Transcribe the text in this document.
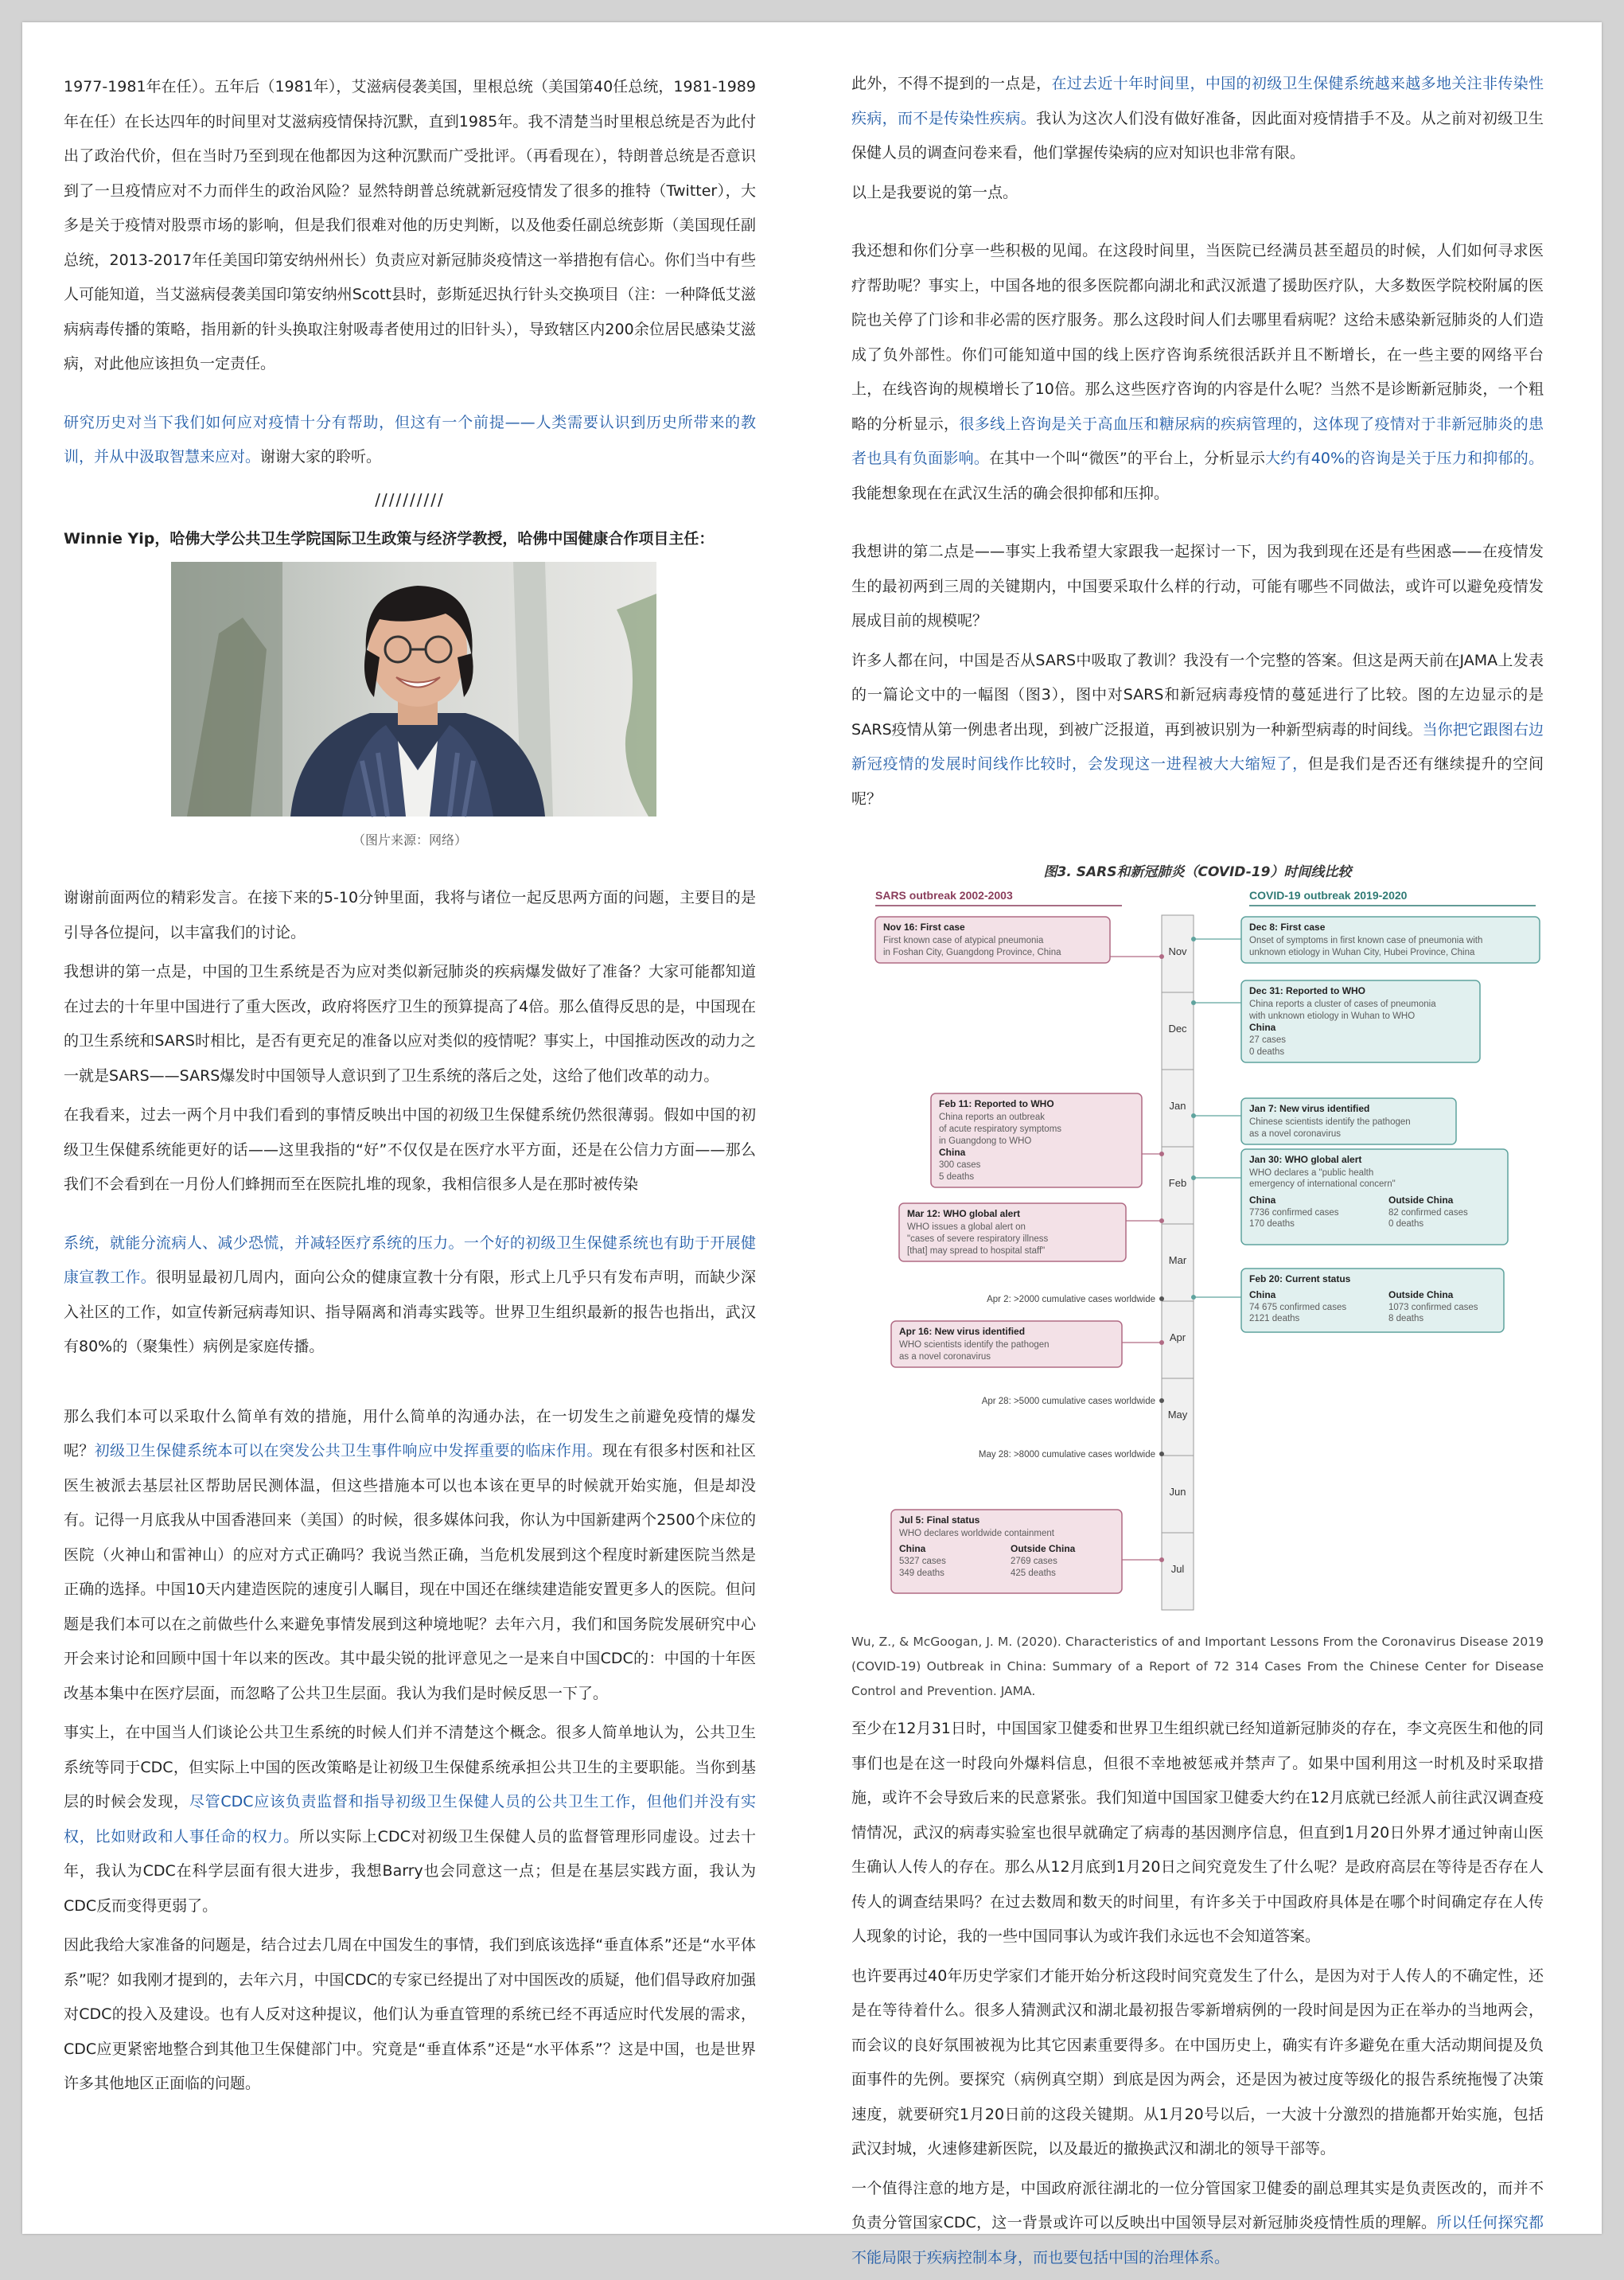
1977-1981年在任）。五年后（1981年），艾滋病侵袭美国，里根总统（美国第40任总统，1981-1989年在任）在长达四年的时间里对艾滋病疫情保持沉默，直到1985年。我不清楚当时里根总统是否为此付出了政治代价，但在当时乃至到现在他都因为这种沉默而广受批评。（再看现在），特朗普总统是否意识到了一旦疫情应对不力而伴生的政治风险？显然特朗普总统就新冠疫情发了很多的推特（Twitter），大多是关于疫情对股票市场的影响，但是我们很难对他的历史判断，以及他委任副总统彭斯（美国现任副总统，2013-2017年任美国印第安纳州州长）负责应对新冠肺炎疫情这一举措抱有信心。你们当中有些人可能知道，当艾滋病侵袭美国印第安纳州Scott县时，彭斯延迟执行针头交换项目（注：一种降低艾滋病病毒传播的策略，指用新的针头换取注射吸毒者使用过的旧针头），导致辖区内200余位居民感染艾滋病，对此他应该担负一定责任。

研究历史对当下我们如何应对疫情十分有帮助，但这有一个前提——人类需要认识到历史所带来的教训，并从中汲取智慧来应对。谢谢大家的聆听。

//////////

Winnie Yip，哈佛大学公共卫生学院国际卫生政策与经济学教授，哈佛中国健康合作项目主任：

（图片来源：网络）

谢谢前面两位的精彩发言。在接下来的5-10分钟里面，我将与诸位一起反思两方面的问题，主要目的是引导各位提问，以丰富我们的讨论。

我想讲的第一点是，中国的卫生系统是否为应对类似新冠肺炎的疾病爆发做好了准备？大家可能都知道在过去的十年里中国进行了重大医改，政府将医疗卫生的预算提高了4倍。那么值得反思的是，中国现在的卫生系统和SARS时相比，是否有更充足的准备以应对类似的疫情呢？事实上，中国推动医改的动力之一就是SARS——SARS爆发时中国领导人意识到了卫生系统的落后之处，这给了他们改革的动力。

在我看来，过去一两个月中我们看到的事情反映出中国的初级卫生保健系统仍然很薄弱。假如中国的初级卫生保健系统能更好的话——这里我指的“好”不仅仅是在医疗水平方面，还是在公信力方面——那么我们不会看到在一月份人们蜂拥而至在医院扎堆的现象，我相信很多人是在那时被传染

系统，就能分流病人、减少恐慌，并减轻医疗系统的压力。一个好的初级卫生保健系统也有助于开展健康宣教工作。很明显最初几周内，面向公众的健康宣教十分有限，形式上几乎只有发布声明，而缺少深入社区的工作，如宣传新冠病毒知识、指导隔离和消毒实践等。世界卫生组织最新的报告也指出，武汉有80%的（聚集性）病例是家庭传播。

那么我们本可以采取什么简单有效的措施，用什么简单的沟通办法，在一切发生之前避免疫情的爆发呢？初级卫生保健系统本可以在突发公共卫生事件响应中发挥重要的临床作用。现在有很多村医和社区医生被派去基层社区帮助居民测体温，但这些措施本可以也本该在更早的时候就开始实施，但是却没有。记得一月底我从中国香港回来（美国）的时候，很多媒体问我，你认为中国新建两个2500个床位的医院（火神山和雷神山）的应对方式正确吗？我说当然正确，当危机发展到这个程度时新建医院当然是正确的选择。中国10天内建造医院的速度引人瞩目，现在中国还在继续建造能安置更多人的医院。但问题是我们本可以在之前做些什么来避免事情发展到这种境地呢？去年六月，我们和国务院发展研究中心开会来讨论和回顾中国十年以来的医改。其中最尖锐的批评意见之一是来自中国CDC的：中国的十年医改基本集中在医疗层面，而忽略了公共卫生层面。我认为我们是时候反思一下了。

事实上，在中国当人们谈论公共卫生系统的时候人们并不清楚这个概念。很多人简单地认为，公共卫生系统等同于CDC，但实际上中国的医改策略是让初级卫生保健系统承担公共卫生的主要职能。当你到基层的时候会发现，尽管CDC应该负责监督和指导初级卫生保健人员的公共卫生工作，但他们并没有实权，比如财政和人事任命的权力。所以实际上CDC对初级卫生保健人员的监督管理形同虚设。过去十年，我认为CDC在科学层面有很大进步，我想Barry也会同意这一点；但是在基层实践方面，我认为CDC反而变得更弱了。

因此我给大家准备的问题是，结合过去几周在中国发生的事情，我们到底该选择“垂直体系”还是“水平体系”呢？如我刚才提到的，去年六月，中国CDC的专家已经提出了对中国医改的质疑，他们倡导政府加强对CDC的投入及建设。也有人反对这种提议，他们认为垂直管理的系统已经不再适应时代发展的需求，CDC应更紧密地整合到其他卫生保健部门中。究竟是“垂直体系”还是“水平体系”？这是中国，也是世界许多其他地区正面临的问题。

此外，不得不提到的一点是，在过去近十年时间里，中国的初级卫生保健系统越来越多地关注非传染性疾病，而不是传染性疾病。我认为这次人们没有做好准备，因此面对疫情措手不及。从之前对初级卫生保健人员的调查问卷来看，他们掌握传染病的应对知识也非常有限。

以上是我要说的第一点。

我还想和你们分享一些积极的见闻。在这段时间里，当医院已经满员甚至超员的时候，人们如何寻求医疗帮助呢？事实上，中国各地的很多医院都向湖北和武汉派遣了援助医疗队，大多数医学院校附属的医院也关停了门诊和非必需的医疗服务。那么这段时间人们去哪里看病呢？这给未感染新冠肺炎的人们造成了负外部性。你们可能知道中国的线上医疗咨询系统很活跃并且不断增长，在一些主要的网络平台上，在线咨询的规模增长了10倍。那么这些医疗咨询的内容是什么呢？当然不是诊断新冠肺炎，一个粗略的分析显示，很多线上咨询是关于高血压和糖尿病的疾病管理的，这体现了疫情对于非新冠肺炎的患者也具有负面影响。在其中一个叫“微医”的平台上，分析显示大约有40%的咨询是关于压力和抑郁的。我能想象现在在武汉生活的确会很抑郁和压抑。

我想讲的第二点是——事实上我希望大家跟我一起探讨一下，因为我到现在还是有些困惑——在疫情发生的最初两到三周的关键期内，中国要采取什么样的行动，可能有哪些不同做法，或许可以避免疫情发展成目前的规模呢？

许多人都在问，中国是否从SARS中吸取了教训？我没有一个完整的答案。但这是两天前在JAMA上发表的一篇论文中的一幅图（图3），图中对SARS和新冠病毒疫情的蔓延进行了比较。图的左边显示的是SARS疫情从第一例患者出现，到被广泛报道，再到被识别为一种新型病毒的时间线。当你把它跟图右边新冠疫情的发展时间线作比较时，会发现这一进程被大大缩短了，但是我们是否还有继续提升的空间呢？

图3. SARS和新冠肺炎（COVID-19）时间线比较
SARS outbreak 2002-2003	COVID-19 outbreak 2019-2020
Nov
Dec
Jan
Feb
Mar
Apr
May
Jun
Jul
Nov 16: First case
First known case of atypical pneumonia
in Foshan City, Guangdong Province, China
Feb 11: Reported to WHO
China reports an outbreak
of acute respiratory symptoms
in Guangdong to WHO
China
300 cases
5 deaths
Mar 12: WHO global alert
WHO issues a global alert on
"cases of severe respiratory illness
[that] may spread to hospital staff"
Apr 16: New virus identified
WHO scientists identify the pathogen
as a novel coronavirus
Jul 5: Final status
WHO declares worldwide containment
China
5327 cases
349 deaths
Outside China
2769 cases
425 deaths
Dec 8: First case
Onset of symptoms in first known case of pneumonia with
unknown etiology in Wuhan City, Hubei Province, China
Dec 31: Reported to WHO
China reports a cluster of cases of pneumonia
with unknown etiology in Wuhan to WHO
China
27 cases
0 deaths
Jan 7: New virus identified
Chinese scientists identify the pathogen
as a novel coronavirus
Jan 30: WHO global alert
WHO declares a "public health
emergency of international concern"
China
7736 confirmed cases
170 deaths
Outside China
82 confirmed cases
0 deaths
Feb 20: Current status
China
74 675 confirmed cases
2121 deaths
Outside China
1073 confirmed cases
8 deaths
Apr 2: >2000 cumulative cases worldwide
Apr 28: >5000 cumulative cases worldwide
May 28: >8000 cumulative cases worldwide

Wu, Z., & McGoogan, J. M. (2020). Characteristics of and Important Lessons From the Coronavirus Disease 2019 (COVID-19) Outbreak in China: Summary of a Report of 72 314 Cases From the Chinese Center for Disease Control and Prevention. JAMA.

至少在12月31日时，中国国家卫健委和世界卫生组织就已经知道新冠肺炎的存在，李文亮医生和他的同事们也是在这一时段向外爆料信息，但很不幸地被惩戒并禁声了。如果中国利用这一时机及时采取措施，或许不会导致后来的民意紧张。我们知道中国国家卫健委大约在12月底就已经派人前往武汉调查疫情情况，武汉的病毒实验室也很早就确定了病毒的基因测序信息，但直到1月20日外界才通过钟南山医生确认人传人的存在。那么从12月底到1月20日之间究竟发生了什么呢？是政府高层在等待是否存在人传人的调查结果吗？在过去数周和数天的时间里，有许多关于中国政府具体是在哪个时间确定存在人传人现象的讨论，我的一些中国同事认为或许我们永远也不会知道答案。

也许要再过40年历史学家们才能开始分析这段时间究竟发生了什么，是因为对于人传人的不确定性，还是在等待着什么。很多人猜测武汉和湖北最初报告零新增病例的一段时间是因为正在举办的当地两会，而会议的良好氛围被视为比其它因素重要得多。在中国历史上，确实有许多避免在重大活动期间提及负面事件的先例。要探究（病例真空期）到底是因为两会，还是因为被过度等级化的报告系统拖慢了决策速度，就要研究1月20日前的这段关键期。从1月20号以后，一大波十分激烈的措施都开始实施，包括武汉封城，火速修建新医院，以及最近的撤换武汉和湖北的领导干部等。

一个值得注意的地方是，中国政府派往湖北的一位分管国家卫健委的副总理其实是负责医改的，而并不负责分管国家CDC，这一背景或许可以反映出中国领导层对新冠肺炎疫情性质的理解。所以任何探究都不能局限于疾病控制本身，而也要包括中国的治理体系。
